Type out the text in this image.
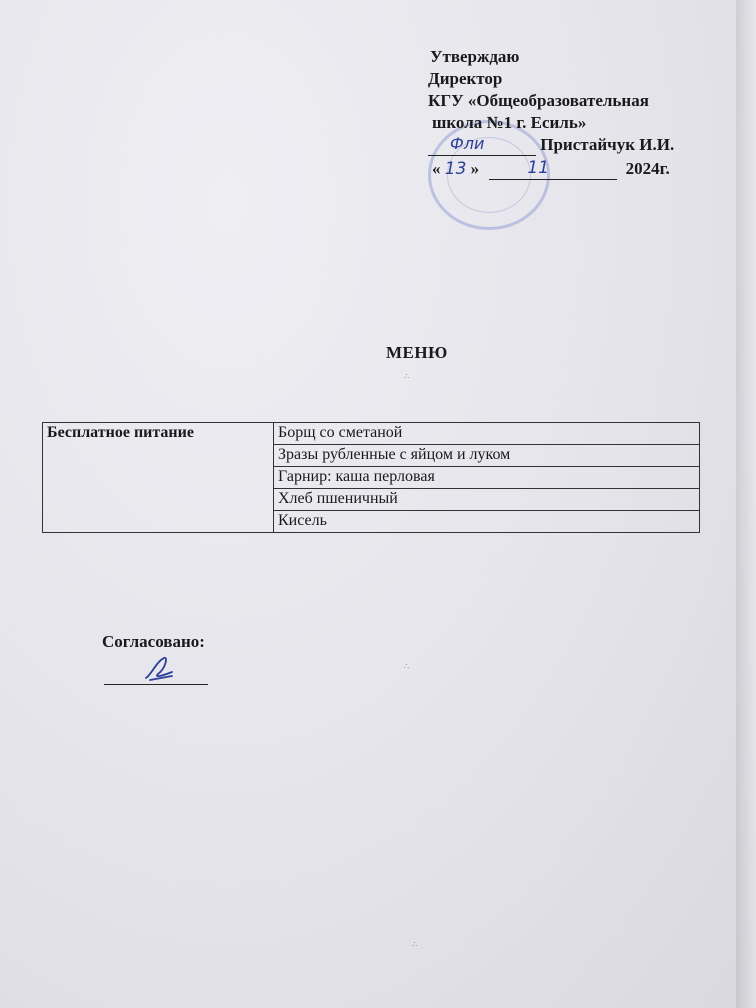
Утверждаю
Директор
КГУ «Общеобразовательная
школа №1 г. Есиль»
Фли	Пристайчук И.И.
« 13 »	11	2024г.
МЕНЮ
Бесплатное питание	Борщ со сметаной
Зразы рубленные с яйцом и луком
Гарнир: каша перловая
Хлеб пшеничный
Кисель
Согласовано:
∴
∴
∴
